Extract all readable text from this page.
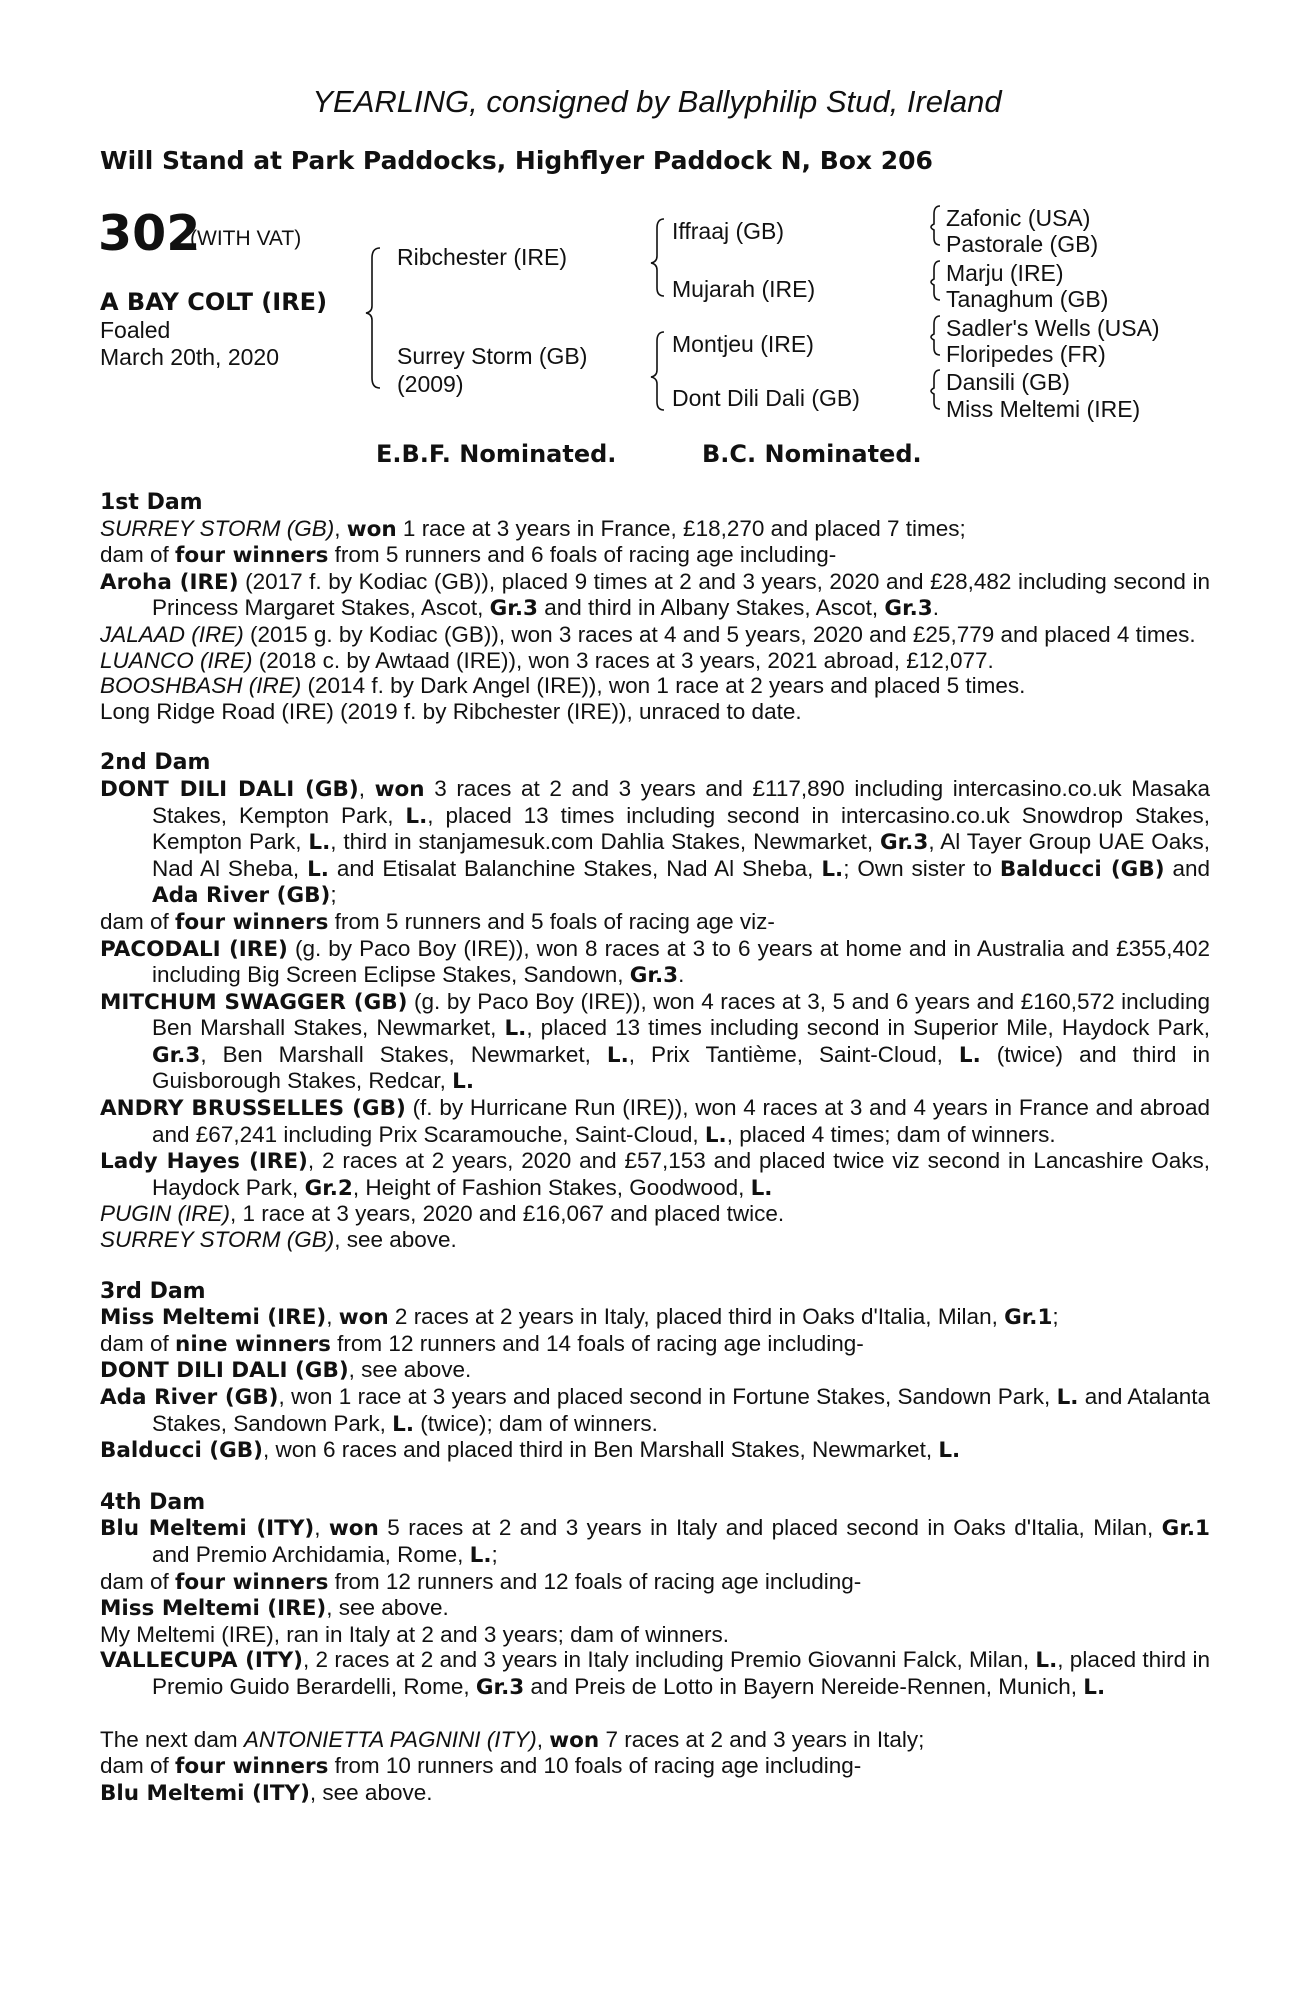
YEARLING, consigned by Ballyphilip Stud, Ireland
Will Stand at Park Paddocks, Highflyer Paddock N, Box 206
302
(WITH VAT)
A BAY COLT (IRE)
Foaled
March 20th, 2020
Ribchester (IRE)
Surrey Storm (GB)
(2009)
Iffraaj (GB)
Mujarah (IRE)
Montjeu (IRE)
Dont Dili Dali (GB)
Zafonic (USA)
Pastorale (GB)
Marju (IRE)
Tanaghum (GB)
Sadler's Wells (USA)
Floripedes (FR)
Dansili (GB)
Miss Meltemi (IRE)
E.B.F. Nominated.	B.C. Nominated.
1st Dam

SURREY STORM (GB), won 1 race at 3 years in France, £18,270 and placed 7 times;

dam of four winners from 5 runners and 6 foals of racing age including-

Aroha (IRE) (2017 f. by Kodiac (GB)), placed 9 times at 2 and 3 years, 2020 and £28,482 including second in Princess Margaret Stakes, Ascot, Gr.3 and third in Albany Stakes, Ascot, Gr.3.

JALAAD (IRE) (2015 g. by Kodiac (GB)), won 3 races at 4 and 5 years, 2020 and £25,779 and placed 4 times.

LUANCO (IRE) (2018 c. by Awtaad (IRE)), won 3 races at 3 years, 2021 abroad, £12,077.

BOOSHBASH (IRE) (2014 f. by Dark Angel (IRE)), won 1 race at 2 years and placed 5 times.

Long Ridge Road (IRE) (2019 f. by Ribchester (IRE)), unraced to date.

2nd Dam

DONT DILI DALI (GB), won 3 races at 2 and 3 years and £117,890 including intercasino.co.uk Masaka Stakes, Kempton Park, L., placed 13 times including second in intercasino.co.uk Snowdrop Stakes, Kempton Park, L., third in stanjamesuk.com Dahlia Stakes, Newmarket, Gr.3, Al Tayer Group UAE Oaks, Nad Al Sheba, L. and Etisalat Balanchine Stakes, Nad Al Sheba, L.; Own sister to Balducci (GB) and Ada River (GB);

dam of four winners from 5 runners and 5 foals of racing age viz-

PACODALI (IRE) (g. by Paco Boy (IRE)), won 8 races at 3 to 6 years at home and in Australia and £355,402 including Big Screen Eclipse Stakes, Sandown, Gr.3.

MITCHUM SWAGGER (GB) (g. by Paco Boy (IRE)), won 4 races at 3, 5 and 6 years and £160,572 including Ben Marshall Stakes, Newmarket, L., placed 13 times including second in Superior Mile, Haydock Park, Gr.3, Ben Marshall Stakes, Newmarket, L., Prix Tantième, Saint-Cloud, L. (twice) and third in Guisborough Stakes, Redcar, L.

ANDRY BRUSSELLES (GB) (f. by Hurricane Run (IRE)), won 4 races at 3 and 4 years in France and abroad and £67,241 including Prix Scaramouche, Saint-Cloud, L., placed 4 times; dam of winners.

Lady Hayes (IRE), 2 races at 2 years, 2020 and £57,153 and placed twice viz second in Lancashire Oaks, Haydock Park, Gr.2, Height of Fashion Stakes, Goodwood, L.

PUGIN (IRE), 1 race at 3 years, 2020 and £16,067 and placed twice.

SURREY STORM (GB), see above.

3rd Dam

Miss Meltemi (IRE), won 2 races at 2 years in Italy, placed third in Oaks d'Italia, Milan, Gr.1;

dam of nine winners from 12 runners and 14 foals of racing age including-

DONT DILI DALI (GB), see above.

Ada River (GB), won 1 race at 3 years and placed second in Fortune Stakes, Sandown Park, L. and Atalanta Stakes, Sandown Park, L. (twice); dam of winners.

Balducci (GB), won 6 races and placed third in Ben Marshall Stakes, Newmarket, L.

4th Dam

Blu Meltemi (ITY), won 5 races at 2 and 3 years in Italy and placed second in Oaks d'Italia, Milan, Gr.1 and Premio Archidamia, Rome, L.;

dam of four winners from 12 runners and 12 foals of racing age including-

Miss Meltemi (IRE), see above.

My Meltemi (IRE), ran in Italy at 2 and 3 years; dam of winners.

VALLECUPA (ITY), 2 races at 2 and 3 years in Italy including Premio Giovanni Falck, Milan, L., placed third in Premio Guido Berardelli, Rome, Gr.3 and Preis de Lotto in Bayern Nereide-Rennen, Munich, L.

The next dam ANTONIETTA PAGNINI (ITY), won 7 races at 2 and 3 years in Italy;

dam of four winners from 10 runners and 10 foals of racing age including-

Blu Meltemi (ITY), see above.
